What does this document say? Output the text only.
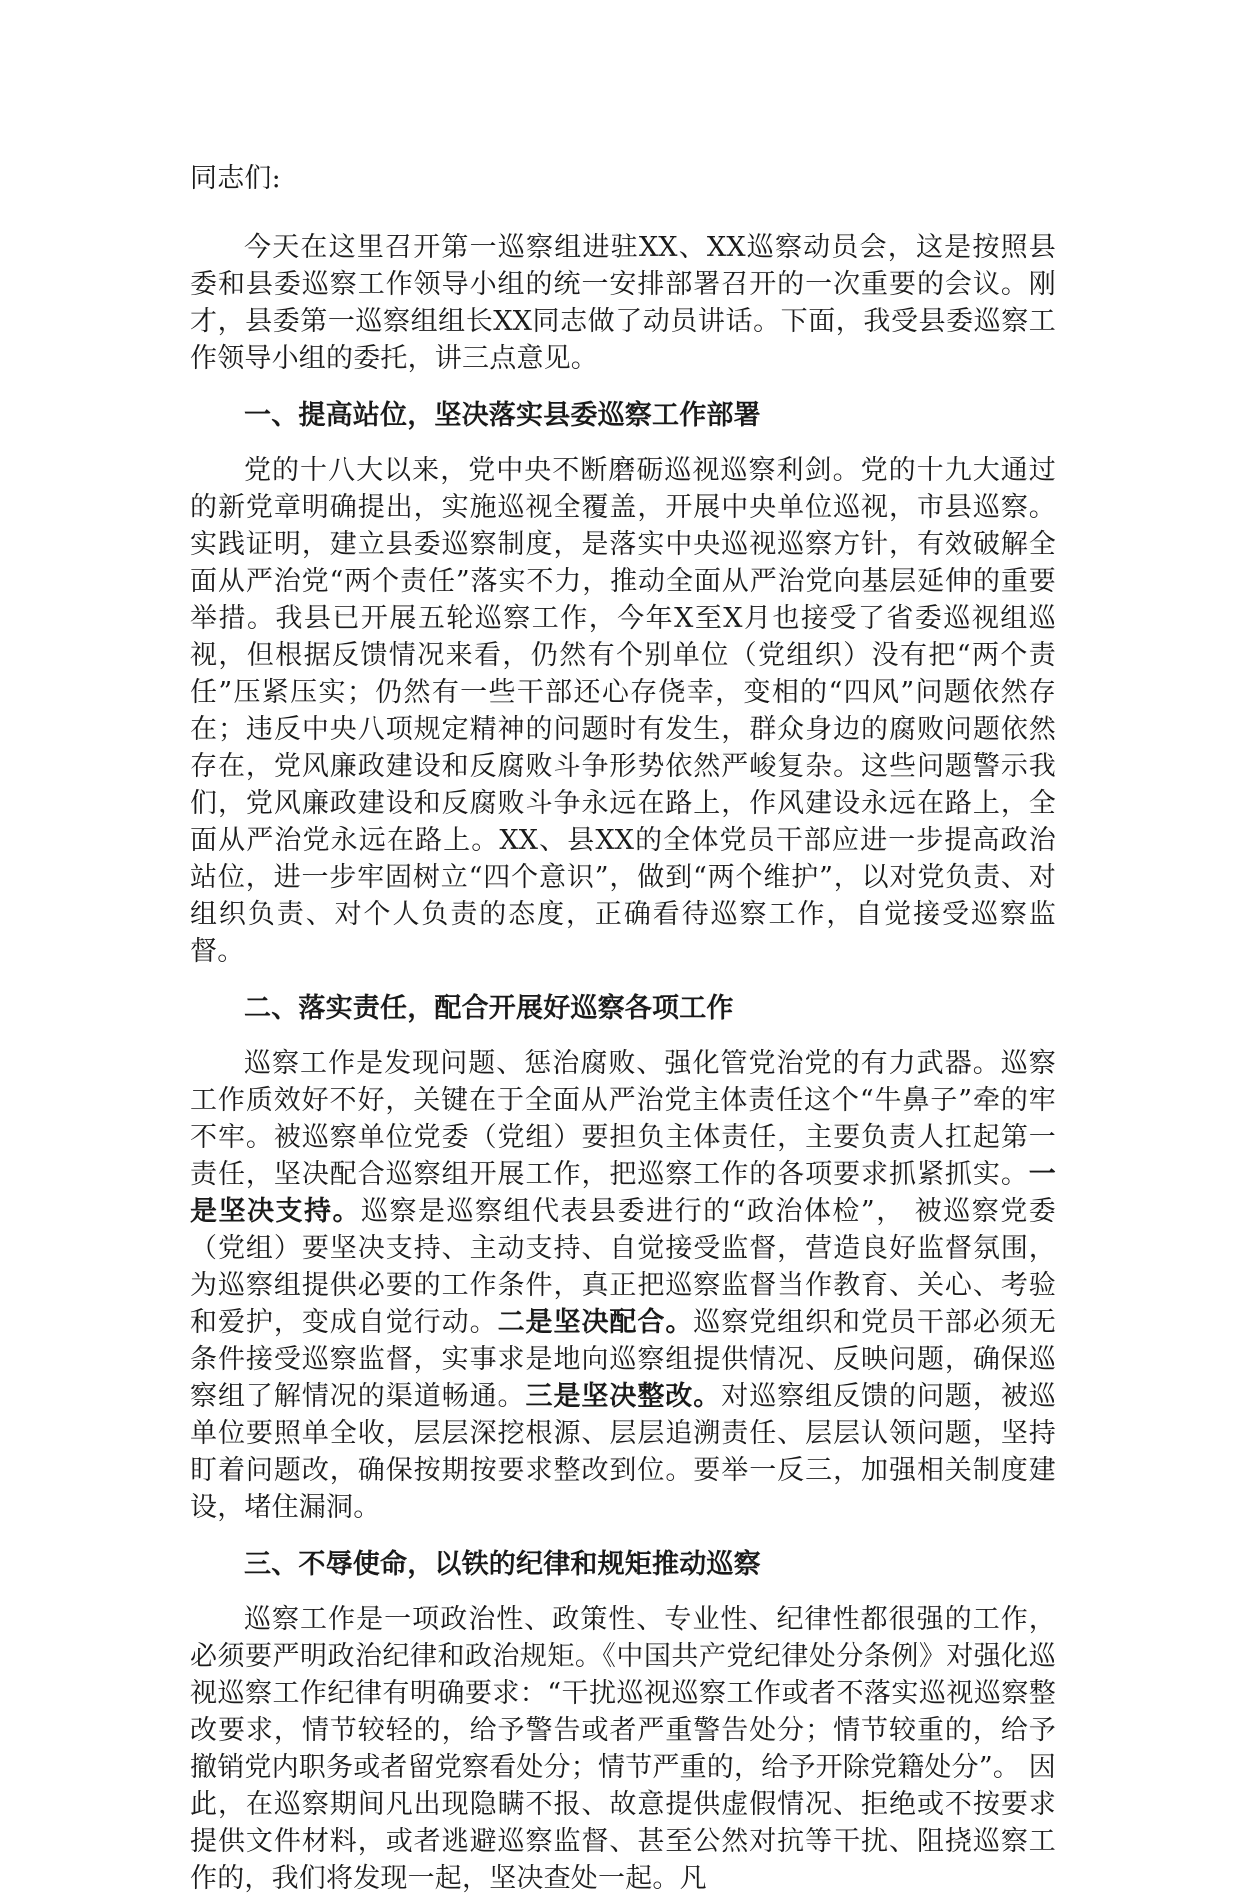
同志们:

今天在这里召开第一巡察组进驻XX、XX巡察动员会，这是按照县委和县委巡察工作领导小组的统一安排部署召开的一次重要的会议。刚才，县委第一巡察组组长XX同志做了动员讲话。下面，我受县委巡察工作领导小组的委托，讲三点意见。

一、提高站位，坚决落实县委巡察工作部署

党的十八大以来，党中央不断磨砺巡视巡察利剑。党的十九大通过的新党章明确提出，实施巡视全覆盖，开展中央单位巡视，市县巡察。实践证明，建立县委巡察制度，是落实中央巡视巡察方针，有效破解全面从严治党“两个责任”落实不力，推动全面从严治党向基层延伸的重要举措。我县已开展五轮巡察工作，今年X至X月也接受了省委巡视组巡视，但根据反馈情况来看，仍然有个别单位（党组织）没有把“两个责任”压紧压实；仍然有一些干部还心存侥幸，变相的“四风”问题依然存在；违反中央八项规定精神的问题时有发生，群众身边的腐败问题依然存在，党风廉政建设和反腐败斗争形势依然严峻复杂。这些问题警示我们，党风廉政建设和反腐败斗争永远在路上，作风建设永远在路上，全面从严治党永远在路上。XX、县XX的全体党员干部应进一步提高政治站位，进一步牢固树立“四个意识”，做到“两个维护”，以对党负责、对组织负责、对个人负责的态度，正确看待巡察工作，自觉接受巡察监督。

二、落实责任，配合开展好巡察各项工作

巡察工作是发现问题、惩治腐败、强化管党治党的有力武器。巡察工作质效好不好，关键在于全面从严治党主体责任这个“牛鼻子”牵的牢不牢。被巡察单位党委（党组）要担负主体责任，主要负责人扛起第一责任，坚决配合巡察组开展工作，把巡察工作的各项要求抓紧抓实。一是坚决支持。巡察是巡察组代表县委进行的“政治体检”， 被巡察党委（党组）要坚决支持、主动支持、自觉接受监督，营造良好监督氛围，为巡察组提供必要的工作条件，真正把巡察监督当作教育、关心、考验和爱护，变成自觉行动。二是坚决配合。巡察党组织和党员干部必须无条件接受巡察监督，实事求是地向巡察组提供情况、反映问题，确保巡察组了解情况的渠道畅通。三是坚决整改。对巡察组反馈的问题，被巡单位要照单全收，层层深挖根源、层层追溯责任、层层认领问题，坚持盯着问题改，确保按期按要求整改到位。要举一反三，加强相关制度建设，堵住漏洞。

三、不辱使命，以铁的纪律和规矩推动巡察

巡察工作是一项政治性、政策性、专业性、纪律性都很强的工作，必须要严明政治纪律和政治规矩。《中国共产党纪律处分条例》对强化巡视巡察工作纪律有明确要求：“干扰巡视巡察工作或者不落实巡视巡察整改要求，情节较轻的，给予警告或者严重警告处分；情节较重的，给予撤销党内职务或者留党察看处分；情节严重的，给予开除党籍处分”。 因此，在巡察期间凡出现隐瞒不报、故意提供虚假情况、拒绝或不按要求提供文件材料，或者逃避巡察监督、甚至公然对抗等干扰、阻挠巡察工作的，我们将发现一起，坚决查处一起。凡
